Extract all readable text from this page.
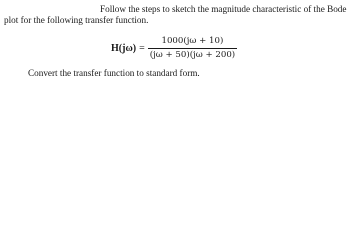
Follow the steps to sketch the magnitude characteristic of the Bode
plot for the following transfer function.
$H(j\omega) = \frac{1000(j\omega + 10)}{(j\omega + 50)(j\omega + 200)}$
Convert the transfer function to standard form.
